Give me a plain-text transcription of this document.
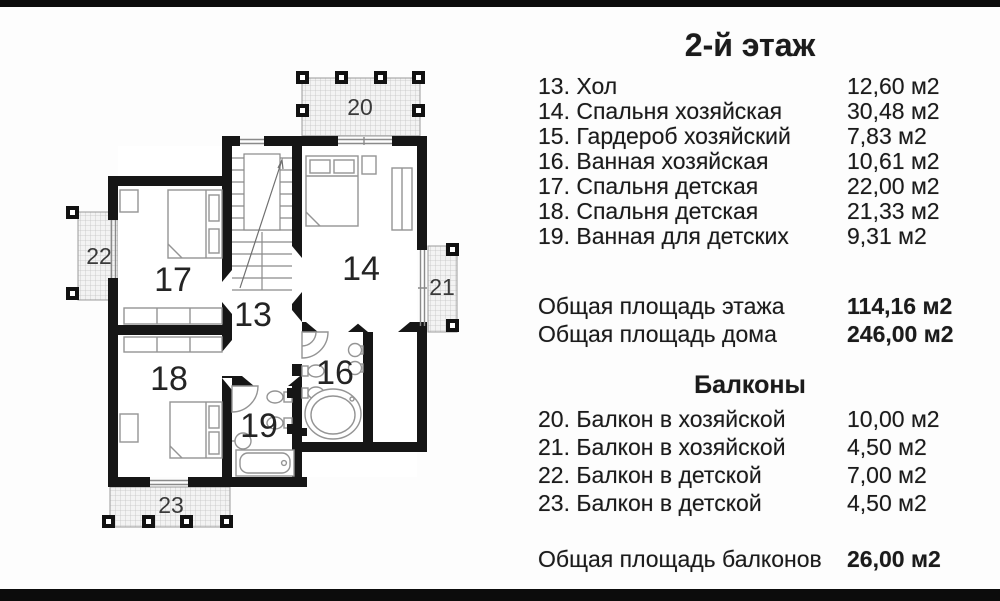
17
13
14
18
19
16
20
21
22
23
2-й этаж
13. Хол	12,60 м2
14. Спальня хозяйская	30,48 м2
15. Гардероб хозяйский 7,83 м2
16. Ванная хозяйская	10,61 м2
17. Спальня детская	22,00 м2
18. Спальня детская	21,33 м2
19. Ванная для детских	9,31 м2
Общая площадь этажа	114,16 м2
Общая площадь дома	246,00 м2
Балконы
20. Балкон в хозяйской	10,00 м2
21. Балкон в хозяйской	4,50 м2
22. Балкон в детской	7,00 м2
23. Балкон в детской	4,50 м2
Общая площадь балконов 26,00 м2
